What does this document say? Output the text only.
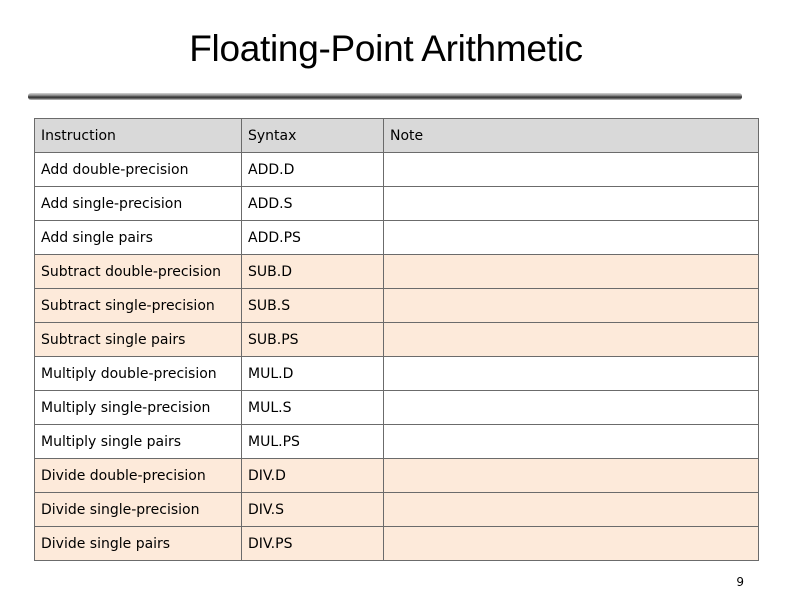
Floating-Point Arithmetic
Instruction	Syntax	Note
Add double-precision	ADD.D	
Add single-precision	ADD.S	
Add single pairs	ADD.PS	
Subtract double-precision	SUB.D	
Subtract single-precision	SUB.S	
Subtract single pairs	SUB.PS	
Multiply double-precision	MUL.D	
Multiply single-precision	MUL.S	
Multiply single pairs	MUL.PS	
Divide double-precision	DIV.D	
Divide single-precision	DIV.S	
Divide single pairs	DIV.PS	
9
